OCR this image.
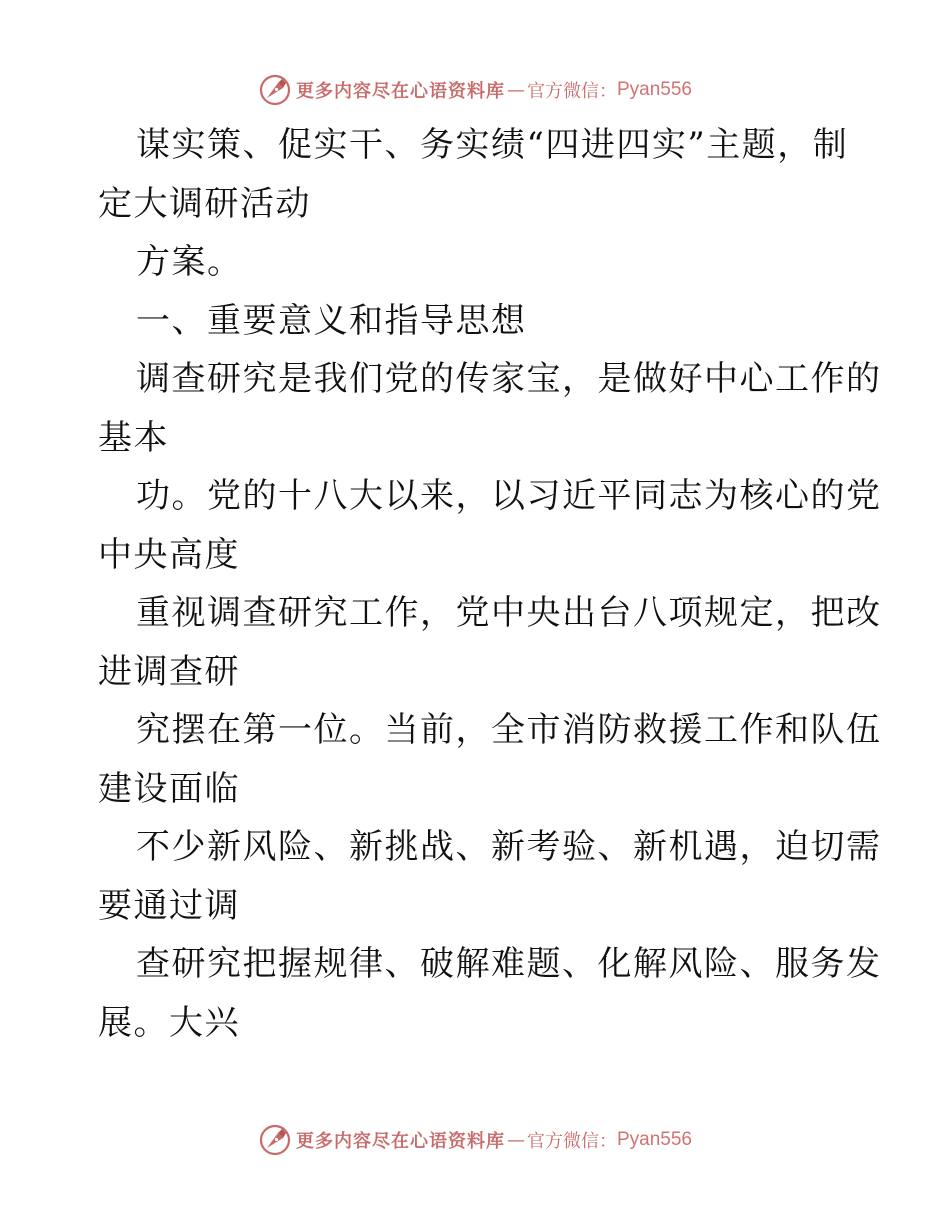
更多内容尽在心语资料库 — 官方微信： Pyan556
谋实策、促实干、务实绩“四进四实”主题，制
定大调研活动
方案。
一、重要意义和指导思想
调查研究是我们党的传家宝，是做好中心工作的
基本
功。党的十八大以来，以习近平同志为核心的党
中央高度
重视调查研究工作，党中央出台八项规定，把改
进调查研
究摆在第一位。当前，全市消防救援工作和队伍
建设面临
不少新风险、新挑战、新考验、新机遇，迫切需
要通过调
查研究把握规律、破解难题、化解风险、服务发
展。大兴
更多内容尽在心语资料库 — 官方微信： Pyan556
